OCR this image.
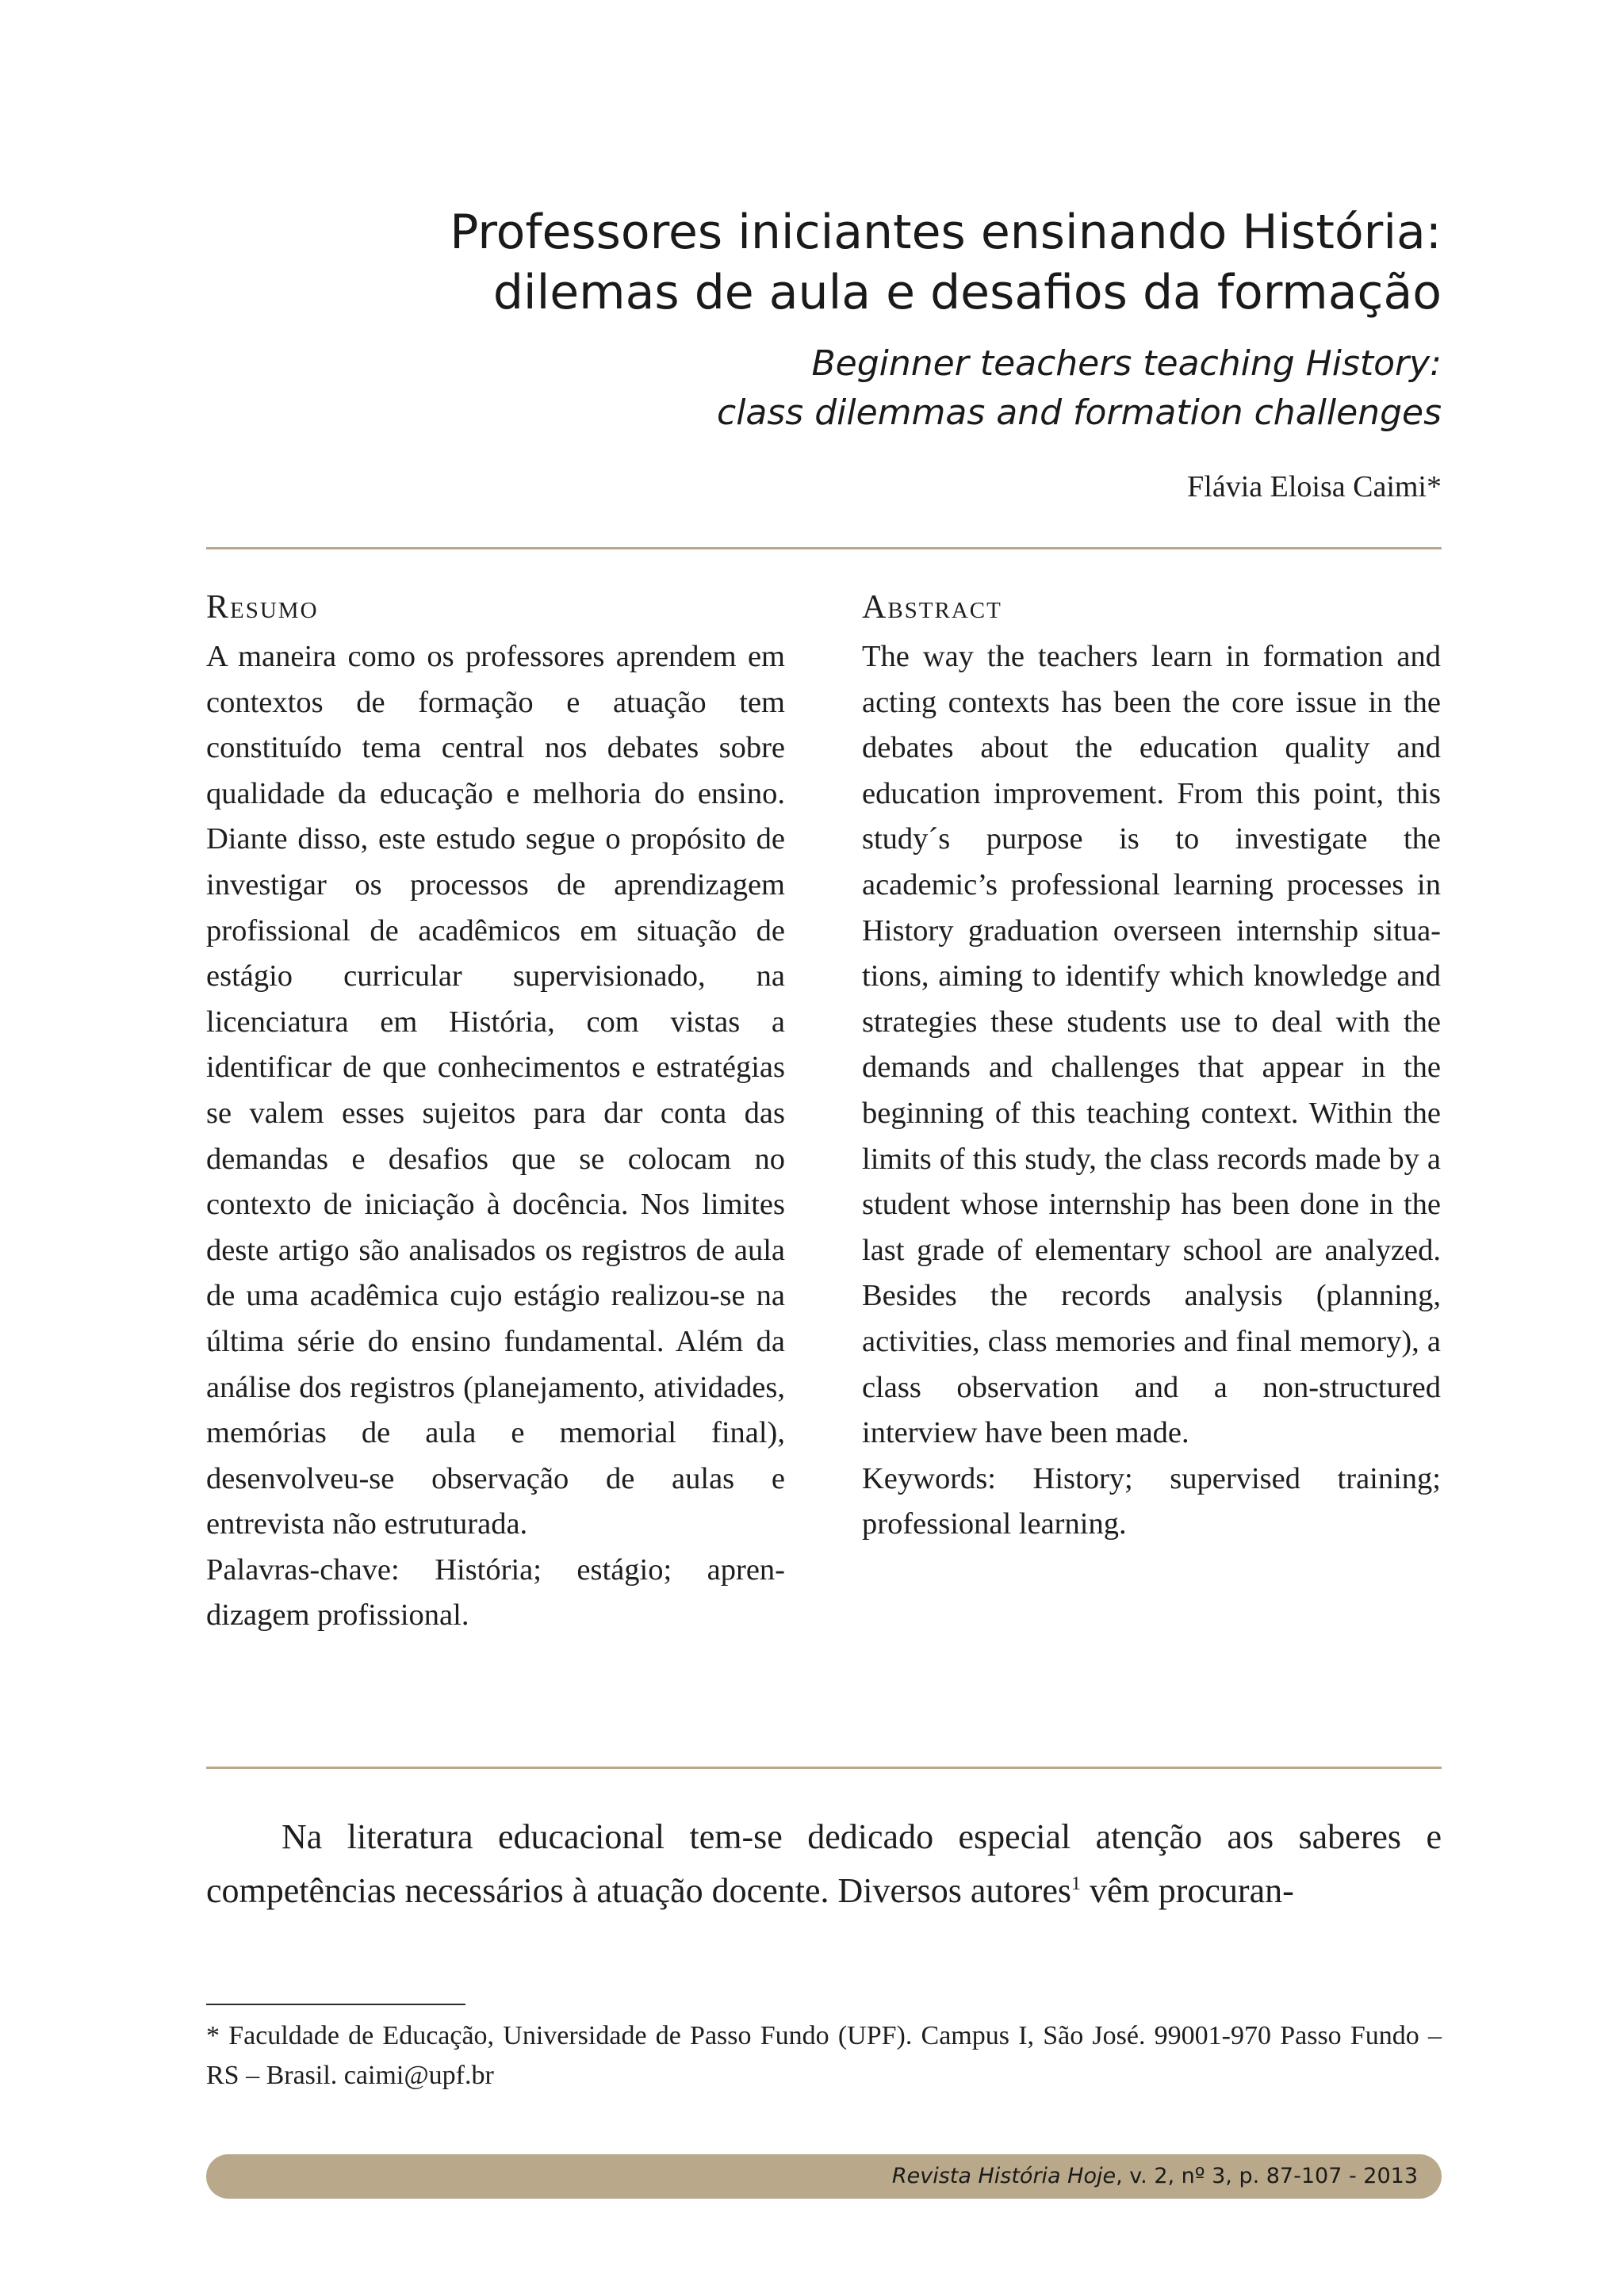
Professores iniciantes ensinando História:
dilemas de aula e desafios da formação
Beginner teachers teaching History:
class dilemmas and formation challenges
Flávia Eloisa Caimi*
Resumo

A maneira como os professores aprendem em contextos de formação e atuação tem constituído tema central nos debates sobre qualidade da educação e melhoria do ensino. Diante disso, este estudo segue o propósito de investigar os processos de aprendizagem profissional de acadêmicos em situação de estágio curricular supervisionado, na licenciatura em História, com vistas a identificar de que conhecimentos e estratégias se valem esses sujeitos para dar conta das demandas e desafios que se colocam no contexto de iniciação à docência. Nos limites deste artigo são analisados os registros de aula de uma acadêmica cujo estágio realizou-se na última série do ensino fundamental. Além da análise dos registros (planejamento, atividades, memórias de aula e memorial final), desenvolveu-se observação de aulas e entrevista não estruturada.

Palavras-chave: História; estágio; aprendizagem profissional.

Abstract

The way the teachers learn in formation and acting contexts has been the core issue in the debates about the education quality and education improvement. From this point, this study´s purpose is to investigate the academic’s professional learning processes in History graduation overseen internship situations, aiming to identify which knowledge and strategies these students use to deal with the demands and challenges that appear in the beginning of this teaching context. Within the limits of this study, the class records made by a student whose internship has been done in the last grade of elementary school are analyzed. Besides the records analysis (planning, activities, class memories and final memory), a class observation and a non-structured interview have been made.

Keywords: History; supervised training; professional learning.

Na literatura educacional tem-se dedicado especial atenção aos saberes e competências necessários à atuação docente. Diversos autores$^1$ vêm procuran-

* Faculdade de Educação, Universidade de Passo Fundo (UPF). Campus I, São José. 99001-970 Passo Fundo – RS – Brasil. caimi@upf.br

Revista História Hoje, v. 2, nº 3, p. 87-107 - 2013
